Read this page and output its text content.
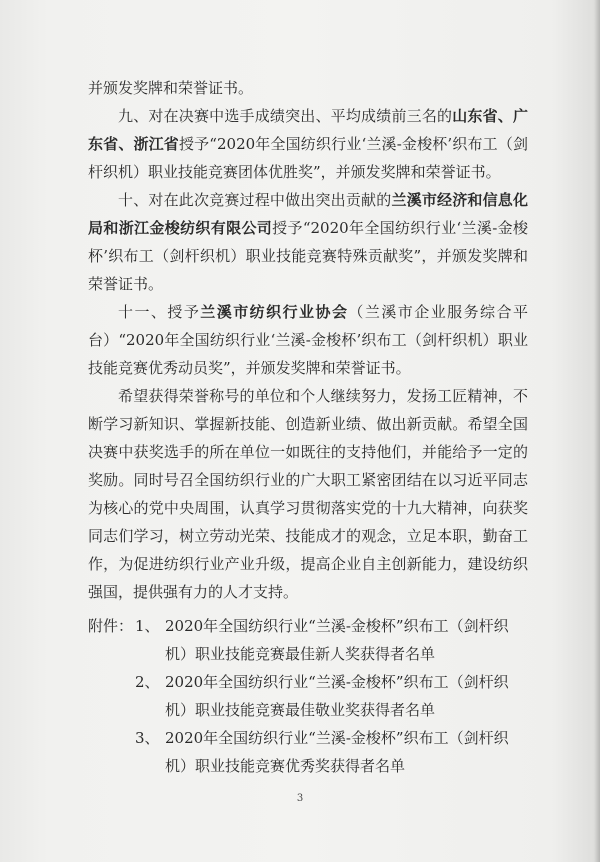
并颁发奖牌和荣誉证书。

九、对在决赛中选手成绩突出、平均成绩前三名的山东省、广东省、浙江省授予“2020年全国纺织行业‘兰溪-金梭杯’织布工（剑杆织机）职业技能竞赛团体优胜奖”，并颁发奖牌和荣誉证书。

十、对在此次竞赛过程中做出突出贡献的兰溪市经济和信息化局和浙江金梭纺织有限公司授予“2020年全国纺织行业‘兰溪-金梭杯’织布工（剑杆织机）职业技能竞赛特殊贡献奖”，并颁发奖牌和荣誉证书。

十一、授予兰溪市纺织行业协会（兰溪市企业服务综合平台）“2020年全国纺织行业‘兰溪-金梭杯’织布工（剑杆织机）职业技能竞赛优秀动员奖”，并颁发奖牌和荣誉证书。

希望获得荣誉称号的单位和个人继续努力，发扬工匠精神，不断学习新知识、掌握新技能、创造新业绩、做出新贡献。希望全国决赛中获奖选手的所在单位一如既往的支持他们，并能给予一定的奖励。同时号召全国纺织行业的广大职工紧密团结在以习近平同志为核心的党中央周围，认真学习贯彻落实党的十九大精神，向获奖同志们学习，树立劳动光荣、技能成才的观念，立足本职，勤奋工作，为促进纺织行业产业升级，提高企业自主创新能力，建设纺织强国，提供强有力的人才支持。

附件： 1、 2020年全国纺织行业“兰溪-金梭杯”织布工（剑杆织机）职业技能竞赛最佳新人奖获得者名单
2、 2020年全国纺织行业“兰溪-金梭杯”织布工（剑杆织机）职业技能竞赛最佳敬业奖获得者名单
3、 2020年全国纺织行业“兰溪-金梭杯”织布工（剑杆织机）职业技能竞赛优秀奖获得者名单
3
